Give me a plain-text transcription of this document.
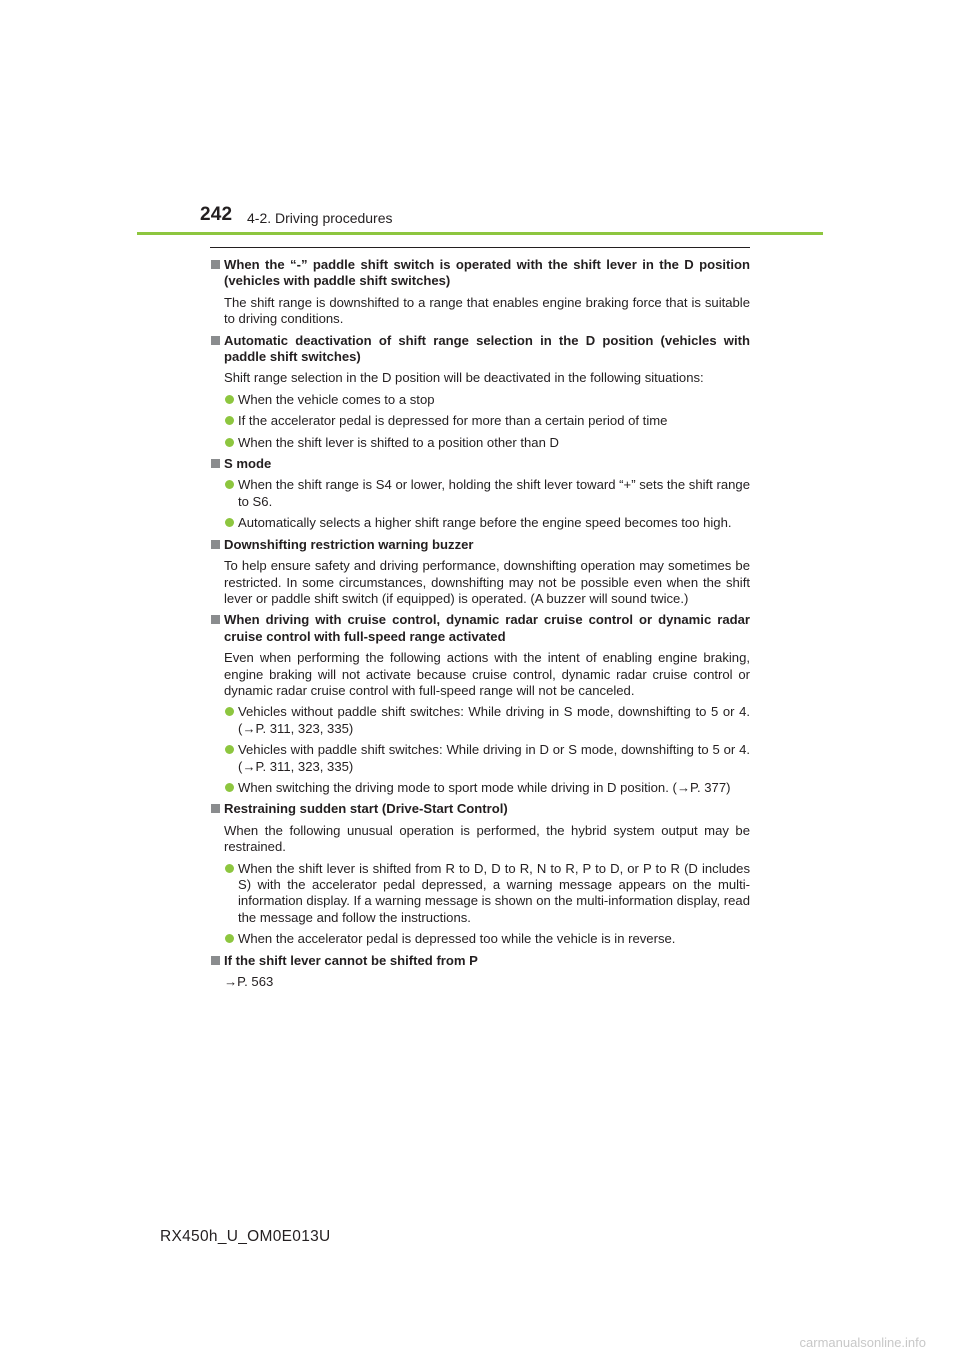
242 4-2. Driving procedures
When the “-” paddle shift switch is operated with the shift lever in the D position (vehicles with paddle shift switches)
The shift range is downshifted to a range that enables engine braking force that is suitable to driving conditions.
Automatic deactivation of shift range selection in the D position (vehicles with paddle shift switches)
Shift range selection in the D position will be deactivated in the following situations:
When the vehicle comes to a stop
If the accelerator pedal is depressed for more than a certain period of time
When the shift lever is shifted to a position other than D
S mode
When the shift range is S4 or lower, holding the shift lever toward “+” sets the shift range to S6.
Automatically selects a higher shift range before the engine speed becomes too high.
Downshifting restriction warning buzzer
To help ensure safety and driving performance, downshifting operation may sometimes be restricted. In some circumstances, downshifting may not be possible even when the shift lever or paddle shift switch (if equipped) is operated. (A buzzer will sound twice.)
When driving with cruise control, dynamic radar cruise control or dynamic radar cruise control with full-speed range activated
Even when performing the following actions with the intent of enabling engine braking, engine braking will not activate because cruise control, dynamic radar cruise control or dynamic radar cruise control with full-speed range will not be canceled.
Vehicles without paddle shift switches: While driving in S mode, downshifting to 5 or 4. (→P. 311, 323, 335)
Vehicles with paddle shift switches: While driving in D or S mode, downshifting to 5 or 4. (→P. 311, 323, 335)
When switching the driving mode to sport mode while driving in D position. (→P. 377)
Restraining sudden start (Drive-Start Control)
When the following unusual operation is performed, the hybrid system output may be restrained.
When the shift lever is shifted from R to D, D to R, N to R, P to D, or P to R (D includes S) with the accelerator pedal depressed, a warning message appears on the multi-information display. If a warning message is shown on the multi-information display, read the message and follow the instructions.
When the accelerator pedal is depressed too while the vehicle is in reverse.
If the shift lever cannot be shifted from P
→P. 563
RX450h_U_OM0E013U
carmanualsonline.info
